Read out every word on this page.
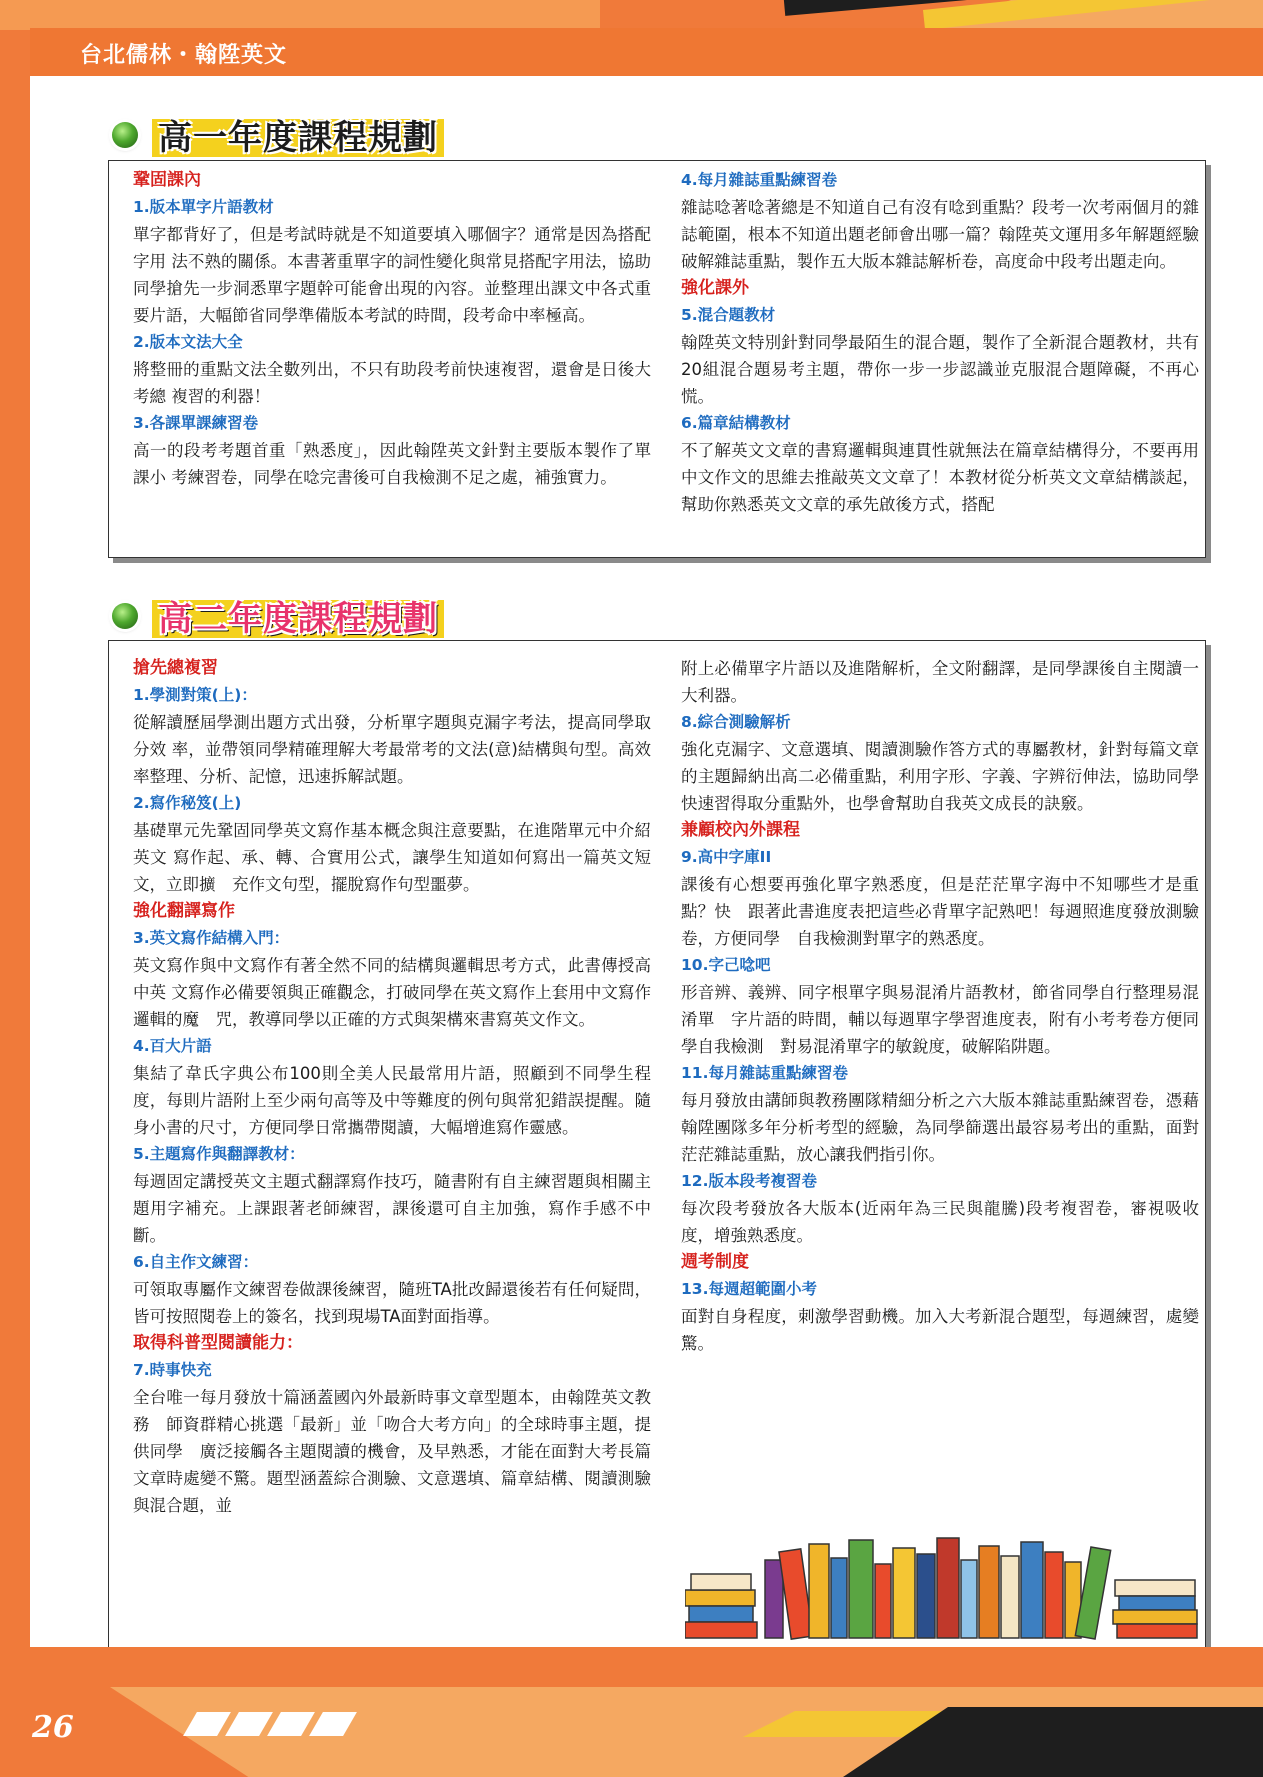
台北儒林・翰陞英文
高一年度課程規劃
鞏固課內
1.版本單字片語教材
單字都背好了，但是考試時就是不知道要填入哪個字？通常是因為搭配字用 法不熟的關係。本書著重單字的詞性變化與常見搭配字用法，協助同學搶先一步洞悉單字題幹可能會出現的內容。並整理出課文中各式重要片語，大幅節省同學準備版本考試的時間，段考命中率極高。
2.版本文法大全
將整冊的重點文法全數列出，不只有助段考前快速複習，還會是日後大考總 複習的利器！
3.各課單課練習卷
高一的段考考題首重「熟悉度」，因此翰陞英文針對主要版本製作了單課小 考練習卷，同學在唸完書後可自我檢測不足之處，補強實力。
4.每月雜誌重點練習卷
雜誌唸著唸著總是不知道自己有沒有唸到重點？段考一次考兩個月的雜誌範圍，根本不知道出題老師會出哪一篇？翰陞英文運用多年解題經驗破解雜誌重點，製作五大版本雜誌解析卷，高度命中段考出題走向。
強化課外
5.混合題教材
翰陞英文特別針對同學最陌生的混合題，製作了全新混合題教材，共有20組混合題易考主題，帶你一步一步認識並克服混合題障礙，不再心慌。
6.篇章結構教材
不了解英文文章的書寫邏輯與連貫性就無法在篇章結構得分，不要再用中文作文的思維去推敲英文文章了！本教材從分析英文文章結構談起，幫助你熟悉英文文章的承先啟後方式，搭配
高二年度課程規劃
搶先總複習
1.學測對策(上)：
從解讀歷屆學測出題方式出發，分析單字題與克漏字考法，提高同學取分效 率，並帶領同學精確理解大考最常考的文法(意)結構與句型。高效率整理、分析、記憶，迅速拆解試題。
2.寫作秘笈(上)
基礎單元先鞏固同學英文寫作基本概念與注意要點，在進階單元中介紹英文 寫作起、承、轉、合實用公式，讓學生知道如何寫出一篇英文短文，立即擴　充作文句型，擺脫寫作句型噩夢。
強化翻譯寫作
3.英文寫作結構入門：
英文寫作與中文寫作有著全然不同的結構與邏輯思考方式，此書傳授高中英 文寫作必備要領與正確觀念，打破同學在英文寫作上套用中文寫作邏輯的魔　咒，教導同學以正確的方式與架構來書寫英文作文。
4.百大片語
集結了韋氏字典公布100則全美人民最常用片語，照顧到不同學生程度，每則片語附上至少兩句高等及中等難度的例句與常犯錯誤提醒。隨身小書的尺寸，方便同學日常攜帶閱讀，大幅增進寫作靈感。
5.主題寫作與翻譯教材：
每週固定講授英文主題式翻譯寫作技巧，隨書附有自主練習題與相關主題用字補充。上課跟著老師練習，課後還可自主加強，寫作手感不中斷。
6.自主作文練習：
可領取專屬作文練習卷做課後練習，隨班TA批改歸還後若有任何疑問，皆可按照閱卷上的簽名，找到現場TA面對面指導。
取得科普型閱讀能力：
7.時事快充
全台唯一每月發放十篇涵蓋國內外最新時事文章型題本，由翰陞英文教務　師資群精心挑選「最新」並「吻合大考方向」的全球時事主題，提供同學　廣泛接觸各主題閱讀的機會，及早熟悉，才能在面對大考長篇文章時處變不驚。題型涵蓋綜合測驗、文意選填、篇章結構、閱讀測驗與混合題，並
附上必備單字片語以及進階解析，全文附翻譯，是同學課後自主閱讀一大利器。
8.綜合測驗解析
強化克漏字、文意選填、閱讀測驗作答方式的專屬教材，針對每篇文章的主題歸納出高二必備重點，利用字形、字義、字辨衍伸法，協助同學快速習得取分重點外，也學會幫助自我英文成長的訣竅。
兼顧校內外課程
9.高中字庫II
課後有心想要再強化單字熟悉度，但是茫茫單字海中不知哪些才是重點？快　跟著此書進度表把這些必背單字記熟吧！每週照進度發放測驗卷，方便同學　自我檢測對單字的熟悉度。
10.字己唸吧
形音辨、義辨、同字根單字與易混淆片語教材，節省同學自行整理易混淆單　字片語的時間，輔以每週單字學習進度表，附有小考考卷方便同學自我檢測　對易混淆單字的敏銳度，破解陷阱題。
11.每月雜誌重點練習卷
每月發放由講師與教務團隊精細分析之六大版本雜誌重點練習卷，憑藉翰陞團隊多年分析考型的經驗，為同學篩選出最容易考出的重點，面對茫茫雜誌重點，放心讓我們指引你。
12.版本段考複習卷
每次段考發放各大版本(近兩年為三民與龍騰)段考複習卷，審視吸收度，增強熟悉度。
週考制度
13.每週超範圍小考
面對自身程度，刺激學習動機。加入大考新混合題型，每週練習，處變驚。
26
